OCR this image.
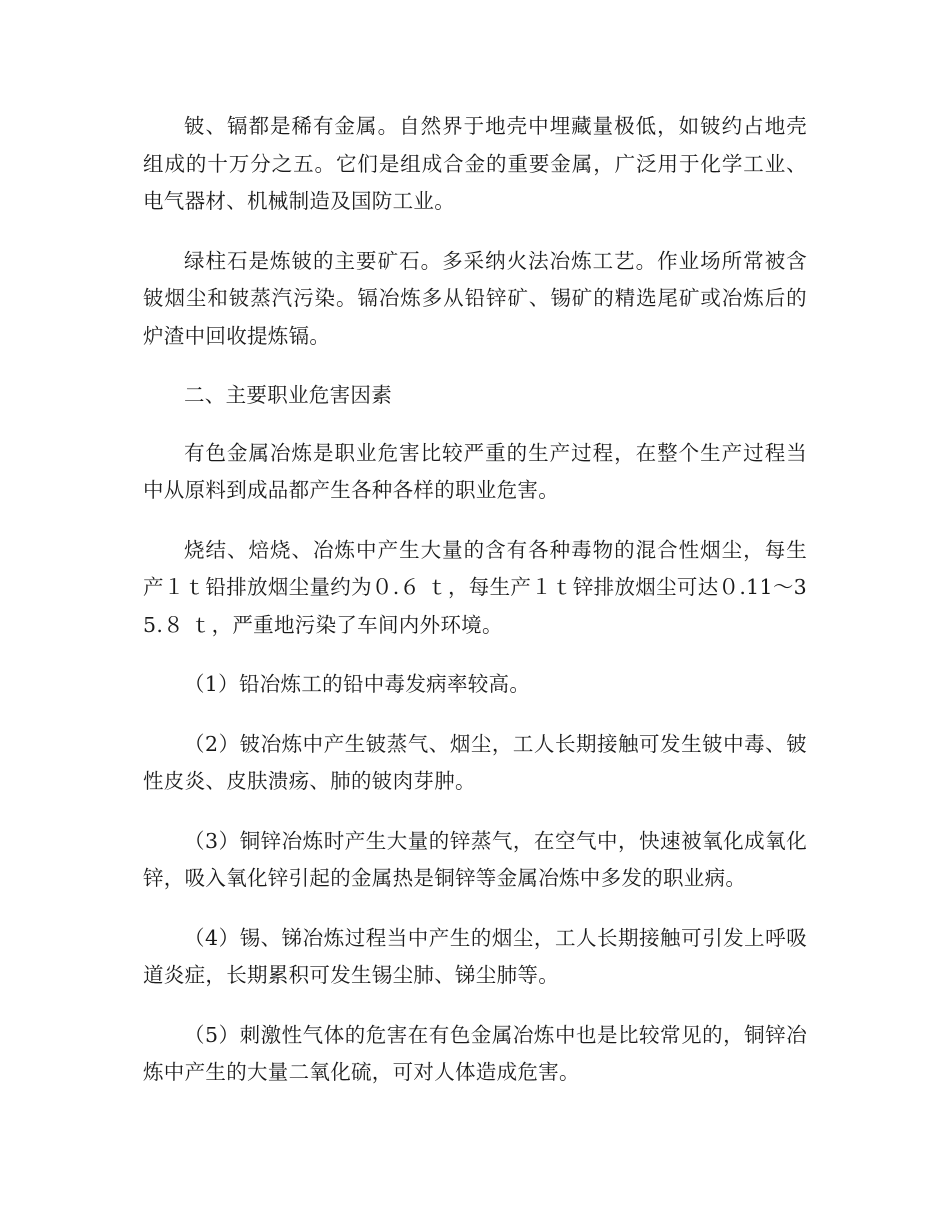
铍、镉都是稀有金属。自然界于地壳中埋藏量极低，如铍约占地壳组成的十万分之五。它们是组成合金的重要金属，广泛用于化学工业、电气器材、机械制造及国防工业。

绿柱石是炼铍的主要矿石。多采纳火法冶炼工艺。作业场所常被含铍烟尘和铍蒸汽污染。镉冶炼多从铅锌矿、锡矿的精选尾矿或冶炼后的炉渣中回收提炼镉。

二、主要职业危害因素

有色金属冶炼是职业危害比较严重的生产过程，在整个生产过程当中从原料到成品都产生各种各样的职业危害。

烧结、焙烧、冶炼中产生大量的含有各种毒物的混合性烟尘，每生产１ｔ铅排放烟尘量约为０.６ ｔ，每生产１ｔ锌排放烟尘可达０.11～35.８ ｔ，严重地污染了车间内外环境。

（1）铅冶炼工的铅中毒发病率较高。

（2）铍冶炼中产生铍蒸气、烟尘，工人长期接触可发生铍中毒、铍性皮炎、皮肤溃疡、肺的铍肉芽肿。

（3）铜锌冶炼时产生大量的锌蒸气，在空气中，快速被氧化成氧化锌，吸入氧化锌引起的金属热是铜锌等金属冶炼中多发的职业病。

（4）锡、锑冶炼过程当中产生的烟尘，工人长期接触可引发上呼吸道炎症，长期累积可发生锡尘肺、锑尘肺等。

（5）刺激性气体的危害在有色金属冶炼中也是比较常见的，铜锌冶炼中产生的大量二氧化硫，可对人体造成危害。
